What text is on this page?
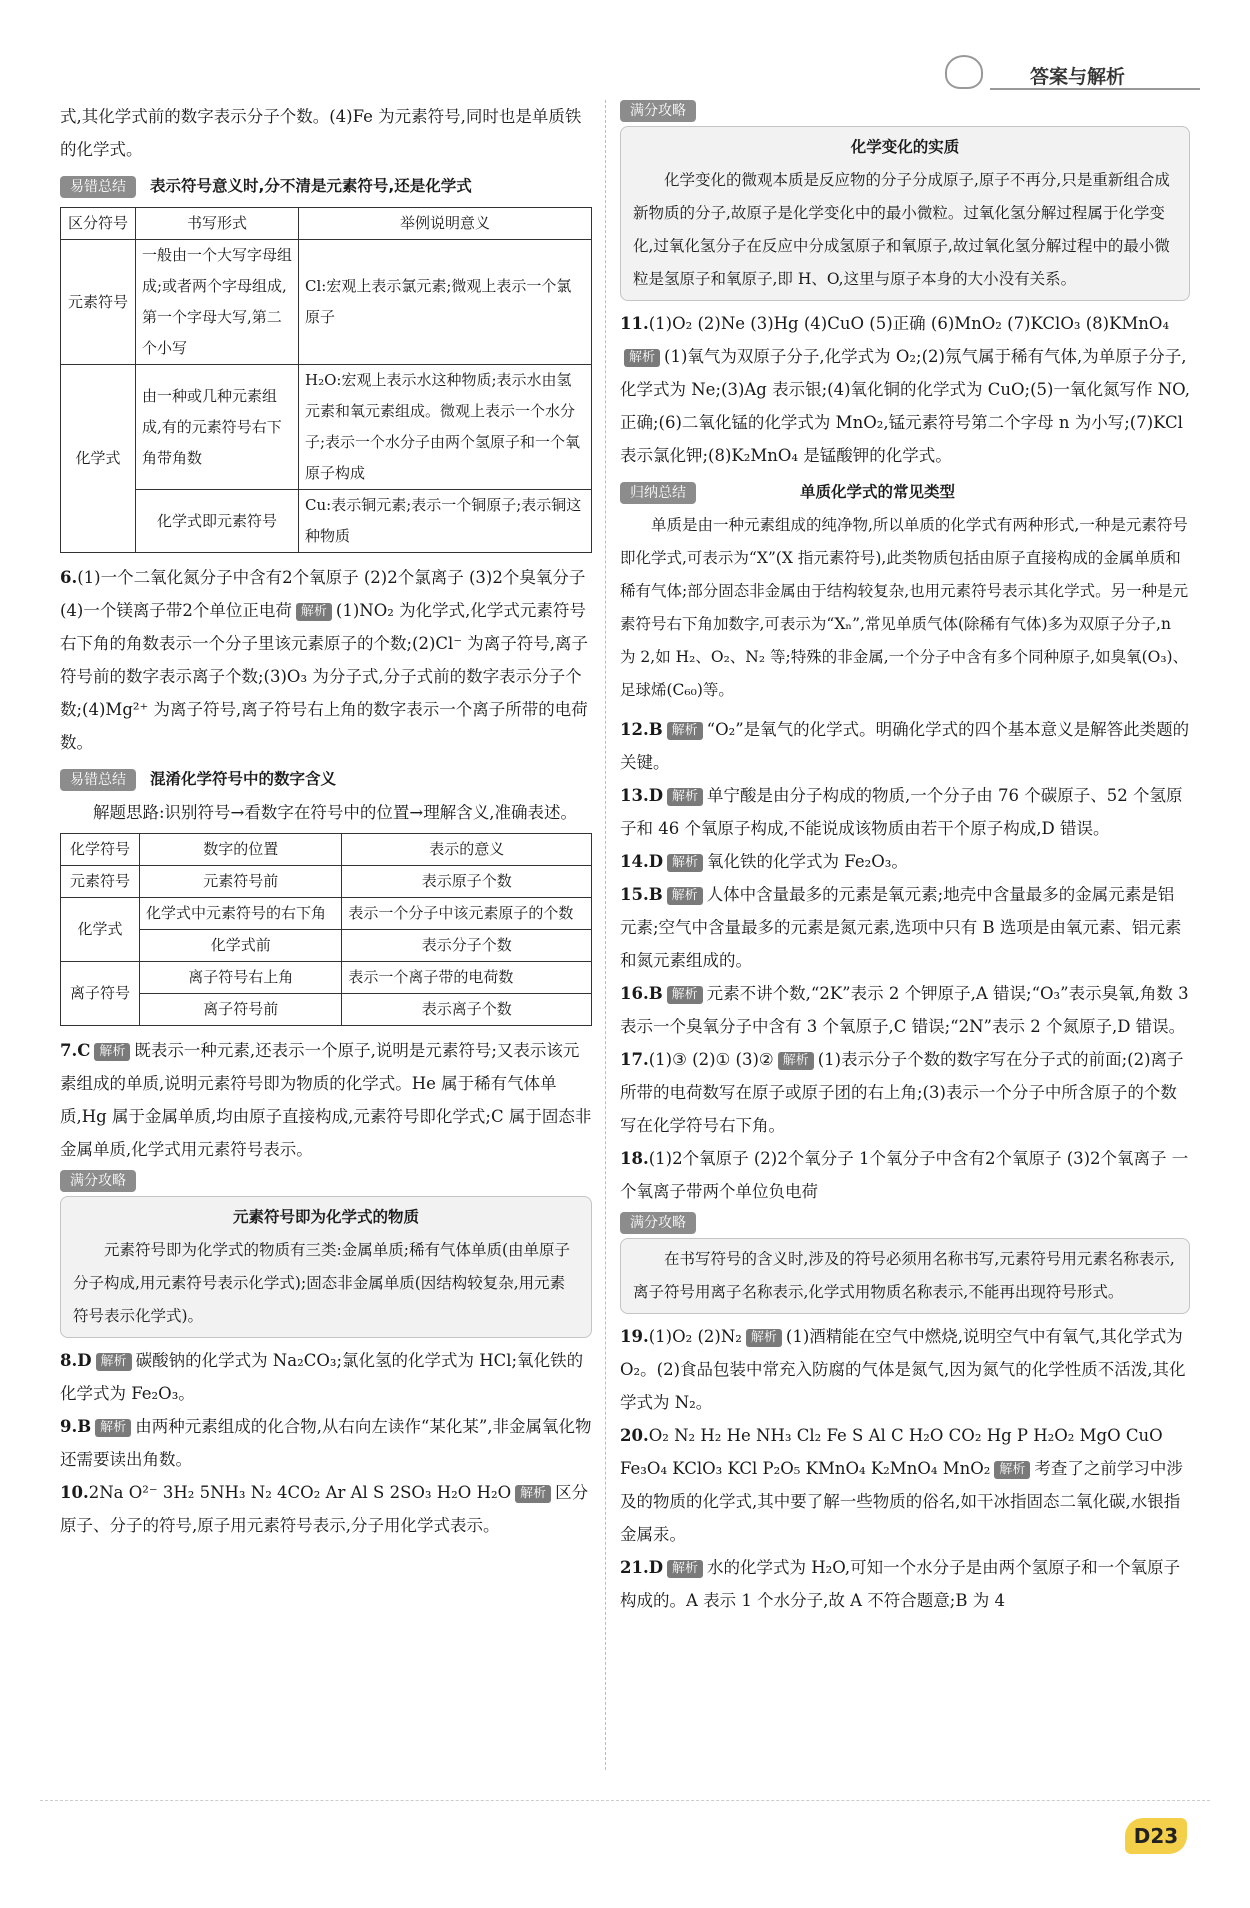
答案与解析

式,其化学式前的数字表示分子个数。(4)Fe 为元素符号,同时也是单质铁的化学式。

易错总结	表示符号意义时,分不清是元素符号,还是化学式
区分符号	书写形式	举例说明意义
元素符号	一般由一个大写字母组成;或者两个字母组成,第一个字母大写,第二个小写	Cl:宏观上表示氯元素;微观上表示一个氯原子
化学式	由一种或几种元素组成,有的元素符号右下角带角数	H₂O:宏观上表示水这种物质;表示水由氢元素和氧元素组成。微观上表示一个水分子;表示一个水分子由两个氢原子和一个氧原子构成
	化学式即元素符号	Cu:表示铜元素;表示一个铜原子;表示铜这种物质

6.(1)一个二氧化氮分子中含有2个氧原子 (2)2个氯离子 (3)2个臭氧分子 (4)一个镁离子带2个单位正电荷 解析 (1)NO₂ 为化学式,化学式元素符号右下角的角数表示一个分子里该元素原子的个数;(2)Cl⁻ 为离子符号,离子符号前的数字表示离子个数;(3)O₃ 为分子式,分子式前的数字表示分子个数;(4)Mg²⁺ 为离子符号,离子符号右上角的数字表示一个离子所带的电荷数。

易错总结	混淆化学符号中的数字含义

解题思路:识别符号→看数字在符号中的位置→理解含义,准确表述。

化学符号	数字的位置	表示的意义
元素符号	元素符号前	表示原子个数
化学式	化学式中元素符号的右下角	表示一个分子中该元素原子的个数
	化学式前	表示分子个数
离子符号	离子符号右上角	表示一个离子带的电荷数
	离子符号前	表示离子个数

7.C 解析 既表示一种元素,还表示一个原子,说明是元素符号;又表示该元素组成的单质,说明元素符号即为物质的化学式。He 属于稀有气体单质,Hg 属于金属单质,均由原子直接构成,元素符号即化学式;C 属于固态非金属单质,化学式用元素符号表示。

满分攻略
元素符号即为化学式的物质
元素符号即为化学式的物质有三类:金属单质;稀有气体单质(由单原子分子构成,用元素符号表示化学式);固态非金属单质(因结构较复杂,用元素符号表示化学式)。

8.D 解析 碳酸钠的化学式为 Na₂CO₃;氯化氢的化学式为 HCl;氧化铁的化学式为 Fe₂O₃。

9.B 解析 由两种元素组成的化合物,从右向左读作“某化某”,非金属氧化物还需要读出角数。

10.2Na O²⁻ 3H₂ 5NH₃ N₂ 4CO₂ Ar Al S 2SO₃ H₂O H₂O 解析 区分原子、分子的符号,原子用元素符号表示,分子用化学式表示。

满分攻略
化学变化的实质
化学变化的微观本质是反应物的分子分成原子,原子不再分,只是重新组合成新物质的分子,故原子是化学变化中的最小微粒。过氧化氢分解过程属于化学变化,过氧化氢分子在反应中分成氢原子和氧原子,故过氧化氢分解过程中的最小微粒是氢原子和氧原子,即 H、O,这里与原子本身的大小没有关系。

11.(1)O₂ (2)Ne (3)Hg (4)CuO (5)正确 (6)MnO₂ (7)KClO₃ (8)KMnO₄解析 (1)氧气为双原子分子,化学式为 O₂;(2)氖气属于稀有气体,为单原子分子,化学式为 Ne;(3)Ag 表示银;(4)氧化铜的化学式为 CuO;(5)一氧化氮写作 NO,正确;(6)二氧化锰的化学式为 MnO₂,锰元素符号第二个字母 n 为小写;(7)KCl 表示氯化钾;(8)K₂MnO₄ 是锰酸钾的化学式。

归纳总结	单质化学式的常见类型

单质是由一种元素组成的纯净物,所以单质的化学式有两种形式,一种是元素符号即化学式,可表示为“X”(X 指元素符号),此类物质包括由原子直接构成的金属单质和稀有气体;部分固态非金属由于结构较复杂,也用元素符号表示其化学式。另一种是元素符号右下角加数字,可表示为“Xₙ”,常见单质气体(除稀有气体)多为双原子分子,n 为 2,如 H₂、O₂、N₂ 等;特殊的非金属,一个分子中含有多个同种原子,如臭氧(O₃)、足球烯(C₆₀)等。

12.B 解析 “O₂”是氧气的化学式。明确化学式的四个基本意义是解答此类题的关键。

13.D 解析 单宁酸是由分子构成的物质,一个分子由 76 个碳原子、52 个氢原子和 46 个氧原子构成,不能说成该物质由若干个原子构成,D 错误。

14.D 解析 氧化铁的化学式为 Fe₂O₃。

15.B 解析 人体中含量最多的元素是氧元素;地壳中含量最多的金属元素是铝元素;空气中含量最多的元素是氮元素,选项中只有 B 选项是由氧元素、铝元素和氮元素组成的。

16.B 解析 元素不讲个数,“2K”表示 2 个钾原子,A 错误;“O₃”表示臭氧,角数 3 表示一个臭氧分子中含有 3 个氧原子,C 错误;“2N”表示 2 个氮原子,D 错误。

17.(1)③ (2)① (3)② 解析 (1)表示分子个数的数字写在分子式的前面;(2)离子所带的电荷数写在原子或原子团的右上角;(3)表示一个分子中所含原子的个数写在化学符号右下角。

18.(1)2个氧原子 (2)2个氧分子 1个氧分子中含有2个氧原子 (3)2个氧离子 一个氧离子带两个单位负电荷

满分攻略
在书写符号的含义时,涉及的符号必须用名称书写,元素符号用元素名称表示,离子符号用离子名称表示,化学式用物质名称表示,不能再出现符号形式。

19.(1)O₂ (2)N₂ 解析 (1)酒精能在空气中燃烧,说明空气中有氧气,其化学式为 O₂。(2)食品包装中常充入防腐的气体是氮气,因为氮气的化学性质不活泼,其化学式为 N₂。

20.O₂ N₂ H₂ He NH₃ Cl₂ Fe S Al C H₂O CO₂ Hg P H₂O₂ MgO CuO Fe₃O₄ KClO₃ KCl P₂O₅ KMnO₄ K₂MnO₄ MnO₂ 解析 考查了之前学习中涉及的物质的化学式,其中要了解一些物质的俗名,如干冰指固态二氧化碳,水银指金属汞。

21.D 解析 水的化学式为 H₂O,可知一个水分子是由两个氢原子和一个氧原子构成的。A 表示 1 个水分子,故 A 不符合题意;B 为 4

D23
